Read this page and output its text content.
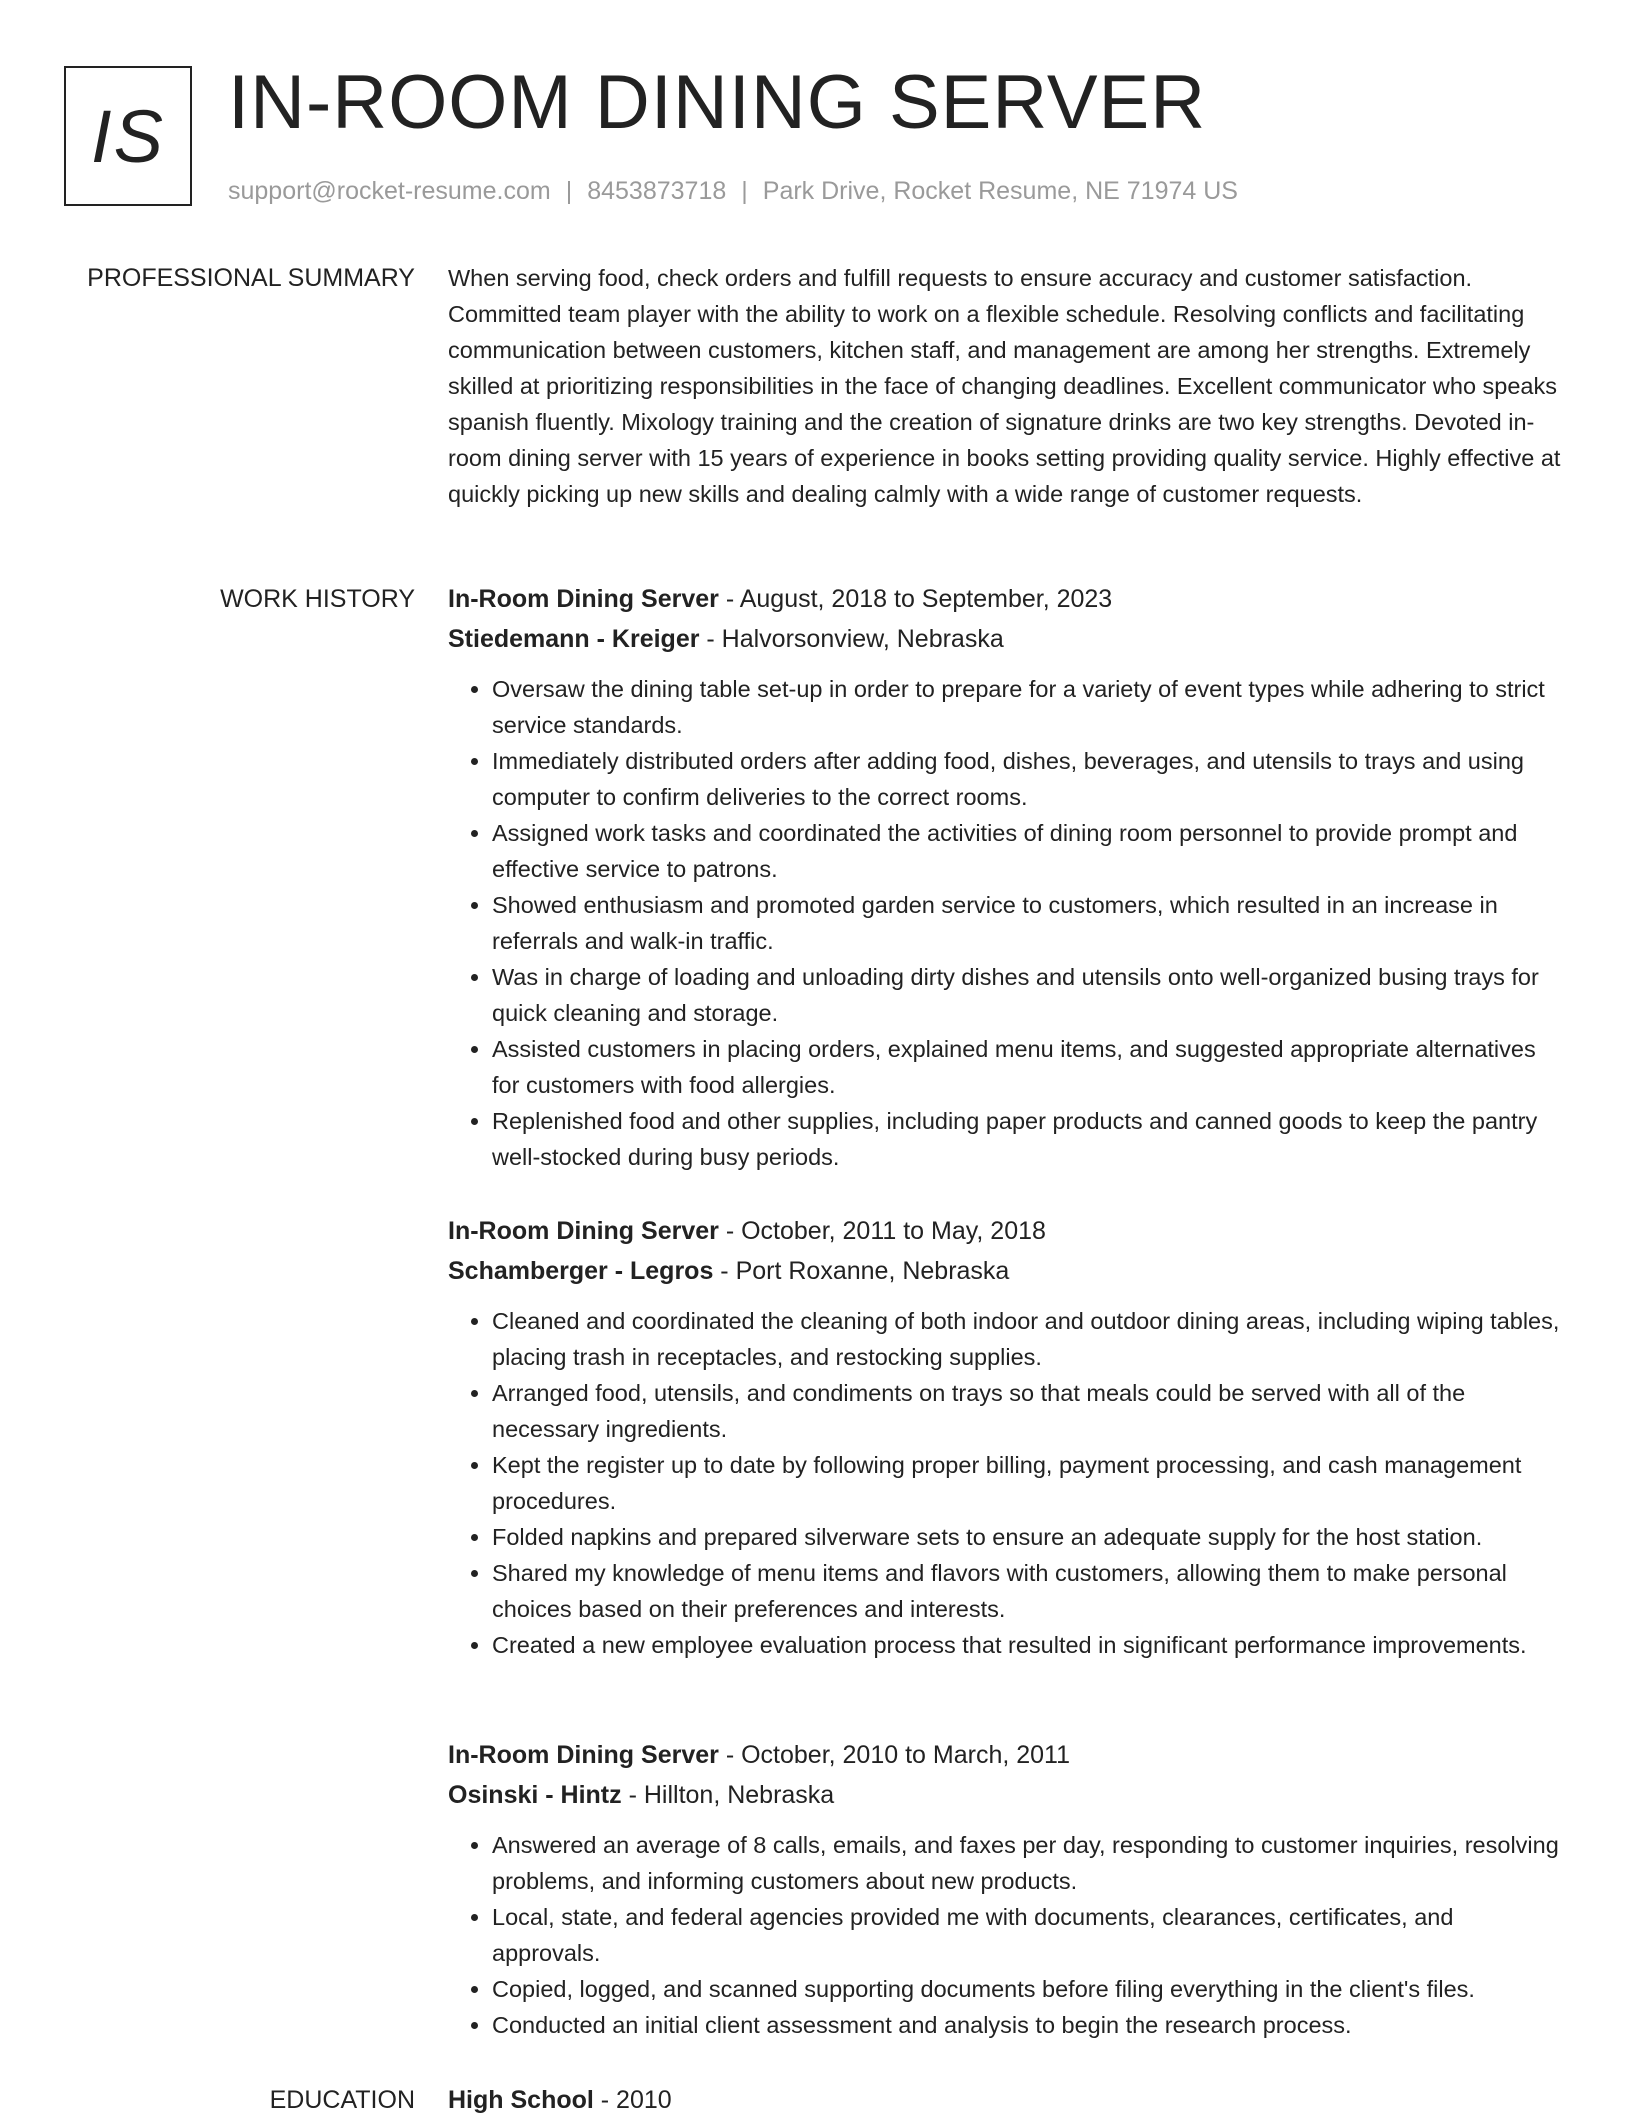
IS IN-ROOM DINING SERVER
support@rocket-resume.com | 8453873718 | Park Drive, Rocket Resume, NE 71974 US
PROFESSIONAL SUMMARY When serving food, check orders and fulfill requests to ensure accuracy and customer satisfaction. Committed team player with the ability to work on a flexible schedule. Resolving conflicts and facilitating communication between customers, kitchen staff, and management are among her strengths. Extremely skilled at prioritizing responsibilities in the face of changing deadlines. Excellent communicator who speaks spanish fluently. Mixology training and the creation of signature drinks are two key strengths. Devoted in-room dining server with 15 years of experience in books setting providing quality service. Highly effective at quickly picking up new skills and dealing calmly with a wide range of customer requests.
WORK HISTORY In-Room Dining Server - August, 2018 to September, 2023
Stiedemann - Kreiger - Halvorsonview, Nebraska
• Oversaw the dining table set-up in order to prepare for a variety of event types while adhering to strict service standards.
• Immediately distributed orders after adding food, dishes, beverages, and utensils to trays and using computer to confirm deliveries to the correct rooms.
• Assigned work tasks and coordinated the activities of dining room personnel to provide prompt and effective service to patrons.
• Showed enthusiasm and promoted garden service to customers, which resulted in an increase in referrals and walk-in traffic.
• Was in charge of loading and unloading dirty dishes and utensils onto well-organized busing trays for quick cleaning and storage.
• Assisted customers in placing orders, explained menu items, and suggested appropriate alternatives for customers with food allergies.
• Replenished food and other supplies, including paper products and canned goods to keep the pantry well-stocked during busy periods.
In-Room Dining Server - October, 2011 to May, 2018
Schamberger - Legros - Port Roxanne, Nebraska
• Cleaned and coordinated the cleaning of both indoor and outdoor dining areas, including wiping tables, placing trash in receptacles, and restocking supplies.
• Arranged food, utensils, and condiments on trays so that meals could be served with all of the necessary ingredients.
• Kept the register up to date by following proper billing, payment processing, and cash management procedures.
• Folded napkins and prepared silverware sets to ensure an adequate supply for the host station.
• Shared my knowledge of menu items and flavors with customers, allowing them to make personal choices based on their preferences and interests.
• Created a new employee evaluation process that resulted in significant performance improvements.
In-Room Dining Server - October, 2010 to March, 2011
Osinski - Hintz - Hillton, Nebraska
• Answered an average of 8 calls, emails, and faxes per day, responding to customer inquiries, resolving problems, and informing customers about new products.
• Local, state, and federal agencies provided me with documents, clearances, certificates, and approvals.
• Copied, logged, and scanned supporting documents before filing everything in the client's files.
• Conducted an initial client assessment and analysis to begin the research process.
EDUCATION High School - 2010
